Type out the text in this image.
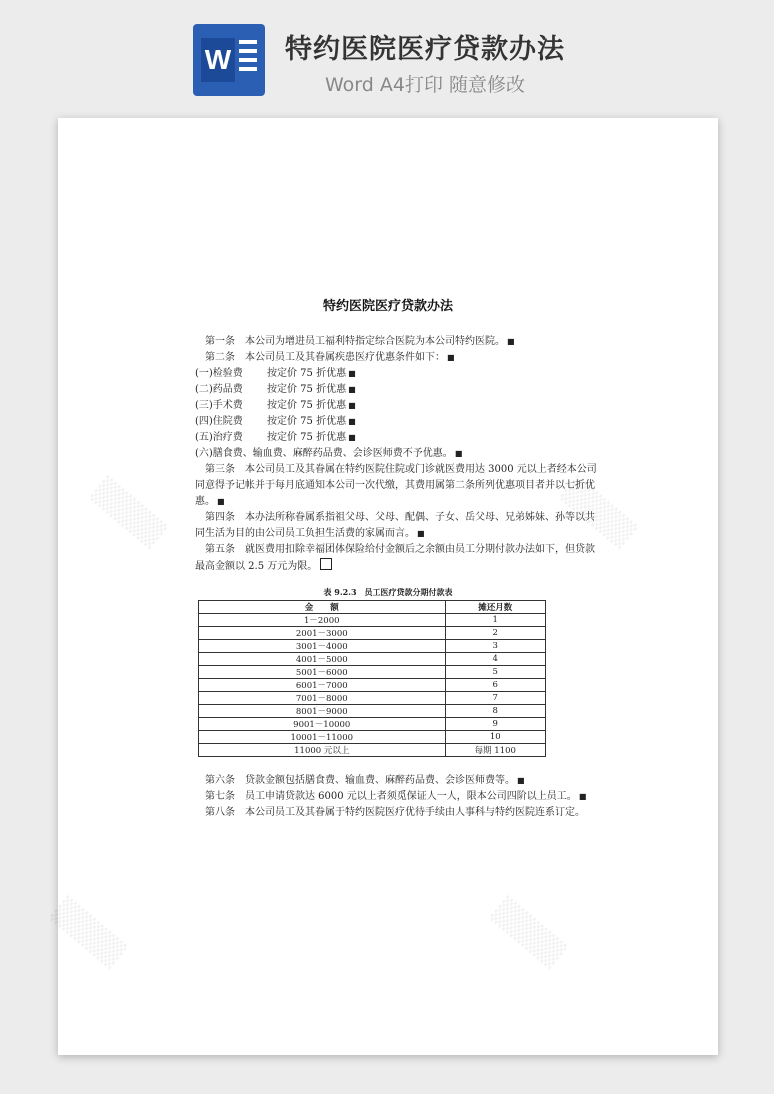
W 特约医院医疗贷款办法
Word A4打印 随意修改
▒▒▒▒	▒▒▒▒
▒▒▒▒	▒▒▒▒
特约医院医疗贷款办法

　第一条　本公司为增进员工福利特指定综合医院为本公司特约医院。 ■

　第二条　本公司员工及其眷属疾患医疗优惠条件如下： ■

(一)检验费 按定价 75 折优惠 ■

(二)药品费 按定价 75 折优惠 ■

(三)手术费 按定价 75 折优惠 ■

(四)住院费 按定价 75 折优惠 ■

(五)治疗费 按定价 75 折优惠 ■

(六)膳食费、输血费、麻醉药品费、会诊医师费不予优惠。 ■

　第三条　本公司员工及其眷属在特约医院住院或门诊就医费用达 3000 元以上者经本公司同意得予记帐并于每月底通知本公司一次代缴，其费用属第二条所列优惠项目者并以七折优惠。 ■

　第四条　本办法所称眷属系指祖父母、父母、配偶、子女、岳父母、兄弟姊妹、孙等以共同生活为目的由公司员工负担生活费的家属而言。 ■

　第五条　就医费用扣除幸福团体保险给付金额后之余额由员工分期付款办法如下，但贷款最高金额以 2.5 万元为限。

表 9.2.3　员工医疗贷款分期付款表
金　　额	摊还月数
1－2000	1
2001－3000	2
3001－4000	3
4001－5000	4
5001－6000	5
6001－7000	6
7001－8000	7
8001－9000	8
9001－10000	9
10001－11000	10
11000 元以上	每期 1100

　第六条　贷款金额包括膳食费、输血费、麻醉药品费、会诊医师费等。 ■

　第七条　员工申请贷款达 6000 元以上者须觅保证人一人，限本公司四阶以上员工。 ■

　第八条　本公司员工及其眷属于特约医院医疗优待手续由人事科与特约医院连系订定。
